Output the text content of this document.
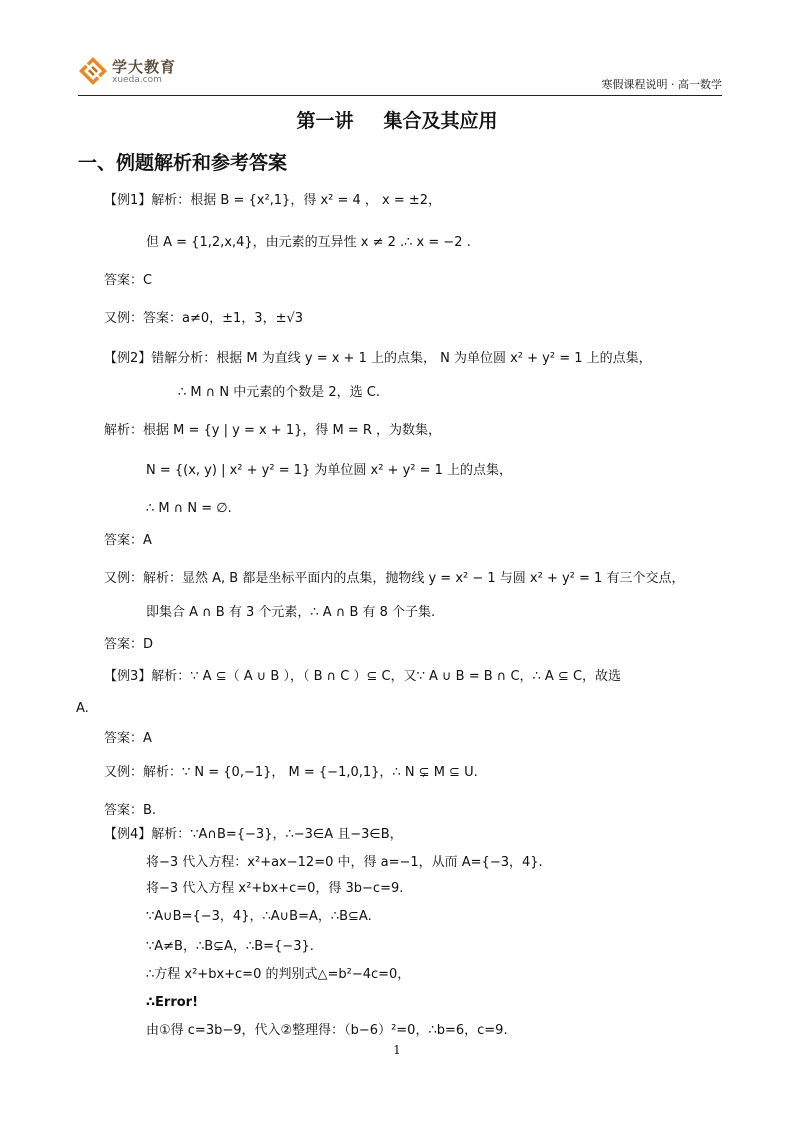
学大教育
xueda.com	寒假课程说明 · 高一数学
第一讲 集合及其应用
一、例题解析和参考答案
【例1】解析：根据 B = {x²,1}，得 x² = 4 ， x = ±2，
但 A = {1,2,x,4}，由元素的互异性 x ≠ 2 .∴ x = −2 .
答案：C
又例：答案：a≠0，±1，3，±√3
【例2】错解分析：根据 M 为直线 y = x + 1 上的点集， N 为单位圆 x² + y² = 1 上的点集，
∴ M ∩ N 中元素的个数是 2，选 C.
解析：根据 M = {y | y = x + 1}，得 M = R ，为数集，
N = {(x, y) | x² + y² = 1} 为单位圆 x² + y² = 1 上的点集，
∴ M ∩ N = ∅.
答案：A
又例：解析：显然 A, B 都是坐标平面内的点集，抛物线 y = x² − 1 与圆 x² + y² = 1 有三个交点，
即集合 A ∩ B 有 3 个元素，∴ A ∩ B 有 8 个子集.
答案：D
【例3】解析：∵ A ⊆（ A ∪ B ），（ B ∩ C ）⊆ C，又∵ A ∪ B = B ∩ C，∴ A ⊆ C，故选
A.
答案：A
又例：解析：∵ N = {0,−1}， M = {−1,0,1}，∴ N ⊊ M ⊆ U.
答案：B.
【例4】解析：∵A∩B={−3}，∴−3∈A 且−3∈B，
将−3 代入方程：x²+ax−12=0 中，得 a=−1，从而 A={−3，4}.
将−3 代入方程 x²+bx+c=0，得 3b−c=9.
∵A∪B={−3，4}，∴A∪B=A，∴B⊆A.
∵A≠B，∴B⊊A，∴B={−3}.
∴方程 x²+bx+c=0 的判别式△=b²−4c=0，
∴Error!
由①得 c=3b−9，代入②整理得：（b−6）²=0，∴b=6，c=9.
1
